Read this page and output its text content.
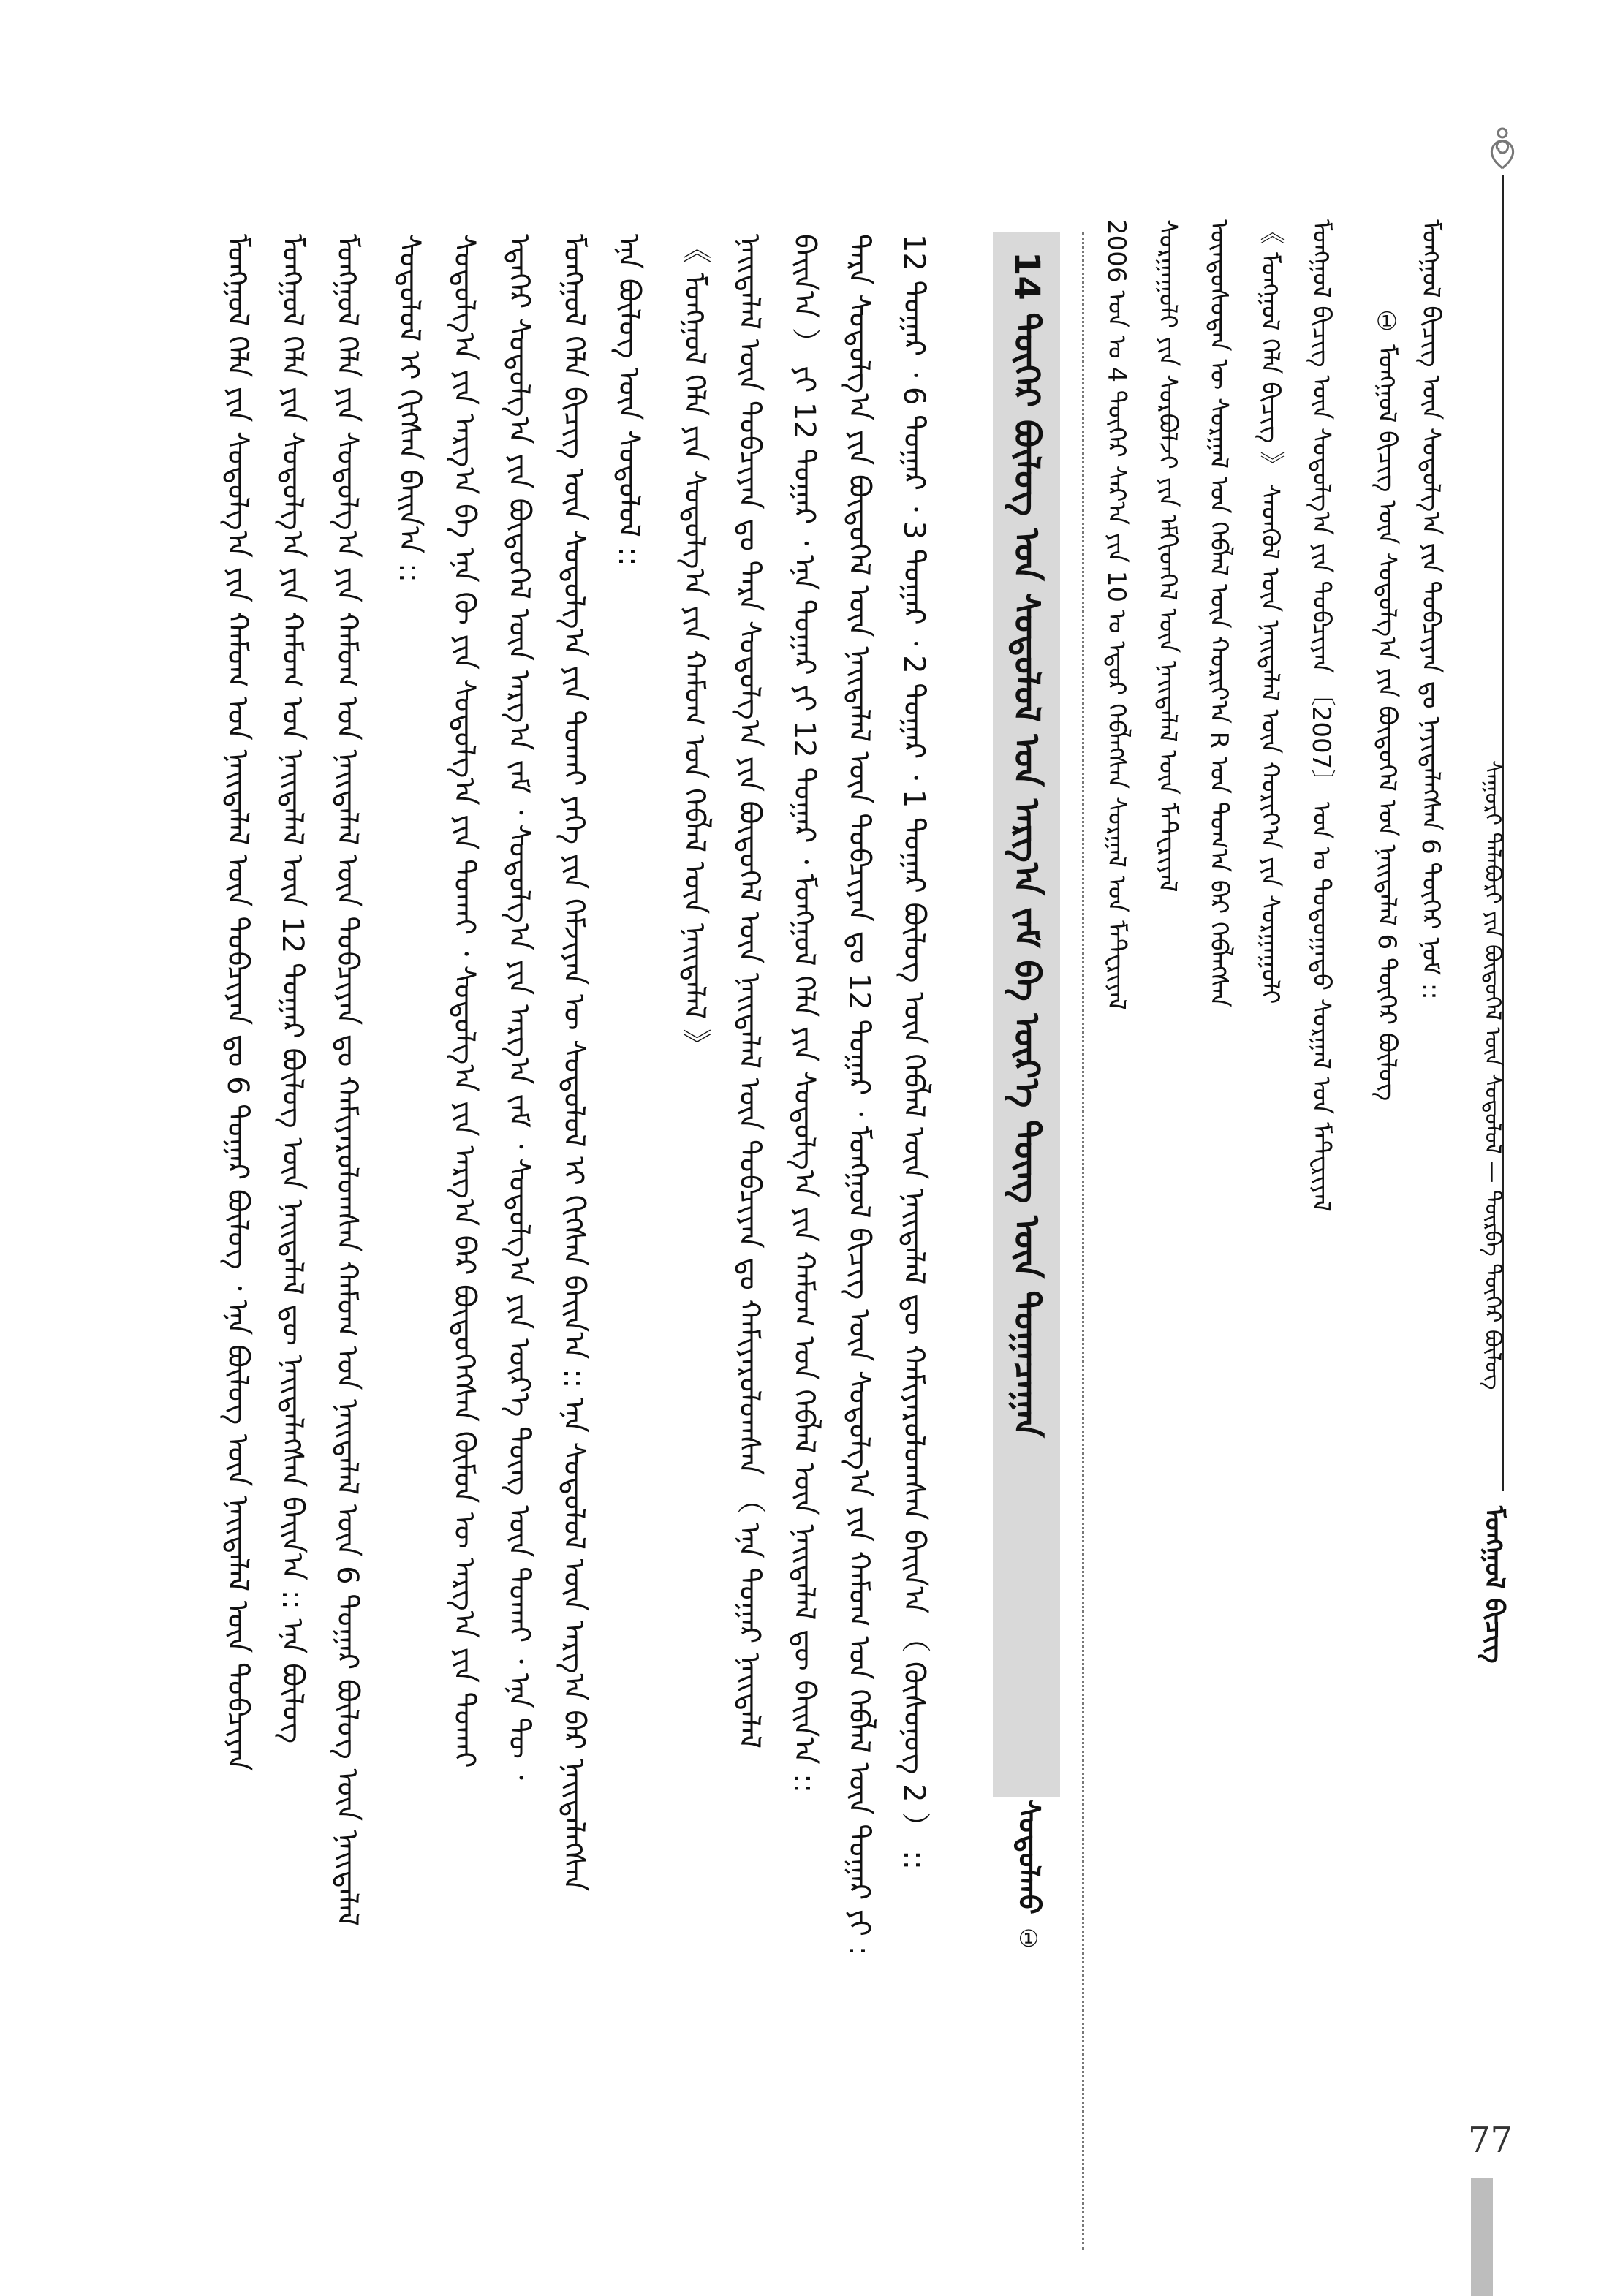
ᠰᠠᠭᠤᠷᠢ ᠲᠠᠯᠠᠪᠤᠷᠢ ᠶᠢᠨ ᠪᠦᠲᠦᠭᠡᠯ ᠦᠨ ᠰᠣᠳᠤᠯᠤᠯ — ᠳᠥᠷᠪᠡ ᠳᠦᠭᠡᠷ ᠪᠦᠯᠦᠭ
ᠮᠣᠩᠭᠣᠯ ᠪᠢᠴᠢᠭ
ᠮᠣᠩᠭᠣᠯ ᠪᠢᠴᠢᠭ ᠦᠨ ᠰᠤᠳᠤᠯᠭ᠎ᠠ ᠶᠢᠨ ᠲᠣᠪᠴᠢᠶᠠᠨ ᠳᠤ ᠨᠡᠶᠢᠲᠡᠯᠡᠭᠰᠡᠨ 6 ᠳᠦᠭᠡᠷ ᠨᠣᠮ ::
① ᠮᠣᠩᠭᠣᠯ ᠪᠢᠴᠢᠭ ᠦᠨ ᠰᠤᠳᠤᠯᠭ᠎ᠠ ᠶᠢᠨ ᠪᠦᠲᠦᠭᠡᠯ ᠤᠨ ᠨᠡᠢᠲᠡᠯᠡᠯ 6 ᠳᠦᠭᠡᠷ ᠪᠦᠯᠦᠭ
ᠮᠣᠩᠭᠣᠯ ᠪᠢᠴᠢᠭ ᠦᠨ ᠰᠤᠳᠤᠯᠭ᠎ᠠ ᠶᠢᠨ ᠲᠣᠪᠴᠢᠶᠠᠨ 〔2007〕 ᠣᠨ ᠤ ᠳᠣᠲᠣᠭᠠᠳᠤ ᠰᠤᠷᠭᠠᠯ ᠤᠨ ᠮᠠᠲ᠋ᠧᠷᠢᠶᠠᠯ
《 ᠮᠣᠩᠭᠣᠯ ᠬᠡᠯᠡ ᠪᠢᠴᠢᠭ 》 ᠰᠡᠳᠬᠦᠯ ᠦᠨ ᠨᠡᠢᠲᠡᠯᠡᠯ ᠦᠨ ᠬᠣᠷᠢᠶ᠎ᠠ ᠶᠢᠨ ᠰᠤᠷᠭᠠᠭᠤᠯᠢ
ᠦᠨᠳᠦᠰᠦᠲᠡᠨ ᠦ ᠰᠤᠷᠭᠠᠯ ᠤᠨ ᠬᠡᠪᠯᠡᠯ ᠦᠨ ᠬᠣᠷᠢᠶ᠎ᠠ R ᠤᠨ ᠲᠣᠭ᠎ᠠ ᠪᠠᠷ ᠬᠡᠪᠯᠡᠭᠰᠡᠨ
ᠰᠤᠷᠭᠠᠭᠤᠯᠢ ᠶᠢᠨ ᠰᠤᠷᠪᠤᠯᠵᠢ ᠶᠢᠨ ᠡᠮᠬᠢᠳᠬᠡᠯ ᠦᠨ ᠨᠡᠢᠲᠡᠯᠡᠯ ᠦᠨ ᠮᠠᠲ᠋ᠧᠷᠢᠶᠠᠯ
2006 ᠣᠨ ᠤ 4 ᠳᠦᠭᠡᠷ ᠰᠠᠷ᠎ᠠ ᠶᠢᠨ 10 ᠤ ᠡᠳᠦᠷ ᠬᠡᠪᠯᠡᠭᠰᠡᠨ ᠰᠤᠷᠭᠠᠯ ᠤᠨ ᠮᠠᠲ᠋ᠧᠷᠢᠶᠠᠯ
14 ᠳᠦᠭᠡᠷ ᠪᠦᠯᠦᠭ ᠤᠨ ᠰᠣᠳᠤᠯᠤᠯ ᠤᠨ ᠠᠷᠭ᠎ᠠ ᠵᠠᠮ ᠪᠠ ᠦᠷ᠎ᠡ ᠳᠦᠩ ᠦᠨ ᠲᠣᠭᠠᠴᠠᠭᠠᠨ
ᠰᠤᠳᠤᠯᠬᠤ ①
12 ᠳᠤᠭᠠᠷ ᠂ 6 ᠳᠤᠭᠠᠷ ᠂ 3 ᠳᠤᠭᠠᠷ ᠂ 2 ᠳᠤᠭᠠᠷ ᠂ 1 ᠳᠤᠭᠠᠷ ᠪᠦᠯᠦᠭ ᠦᠨ ᠬᠡᠪᠯᠡᠯ ᠦᠨ ᠨᠡᠢᠲᠡᠯᠡᠯ ᠳᠦ ᠬᠠᠮᠢᠶᠠᠷᠤᠯᠤᠭᠰᠠᠨ ᠪᠠᠢᠨ᠎ᠠ （ ᠬᠦᠰᠦᠨᠦᠭ 2 ） ::
ᠲᠡᠷᠡ ᠰᠤᠳᠤᠯᠭ᠎ᠠ ᠶᠢᠨ ᠪᠦᠲᠦᠭᠡᠯ ᠦᠨ ᠨᠡᠢᠲᠡᠯᠡᠯ ᠦᠨ ᠲᠣᠪᠴᠢᠶᠠᠨ ᠳᠤ 12 ᠳᠤᠭᠠᠷ ᠂ ᠮᠣᠩᠭᠣᠯ ᠪᠢᠴᠢᠭ ᠦᠨ ᠰᠤᠳᠤᠯᠭ᠎ᠠ ᠶᠢᠨ ᠬᠠᠮᠤᠭ ᠤᠨ ᠬᠡᠪᠯᠡᠯ ᠦᠨ ᠳᠤᠭᠠᠷ ᠶᠢ :
ᠪᠠᠢᠨ᠎ᠠ ） ᠶᠢ 12 ᠳᠤᠭᠠᠷ ᠂ ᠡᠨᠡ ᠳᠤᠭᠠᠷ ᠶᠢ 12 ᠳᠤᠭᠠᠷ ᠂ ᠮᠣᠩᠭᠣᠯ ᠬᠡᠯᠡ ᠶᠢᠨ ᠰᠤᠳᠤᠯᠭ᠎ᠠ ᠶᠢᠨ ᠬᠠᠮᠤᠭ ᠤᠨ ᠬᠡᠪᠯᠡᠯ ᠦᠨ ᠨᠡᠢᠲᠡᠯᠡᠯ ᠳᠦ ᠪᠠᠢᠨ᠎ᠠ ::
ᠨᠡᠢᠲᠡᠯᠡᠯ ᠦᠨ ᠲᠣᠪᠴᠢᠶᠠᠨ ᠳᠤ ᠲᠡᠷᠡ ᠰᠤᠳᠤᠯᠭ᠎ᠠ ᠶᠢᠨ ᠪᠦᠲᠦᠭᠡᠯ ᠦᠨ ᠨᠡᠢᠲᠡᠯᠡᠯ ᠦᠨ ᠲᠣᠪᠴᠢᠶᠠᠨ ᠳᠤ ᠬᠠᠮᠢᠶᠠᠷᠤᠯᠤᠭᠰᠠᠨ （ ᠡᠨᠡ ᠳᠤᠭᠠᠷ ᠨᠡᠢᠲᠡᠯᠡᠯ
《 ᠮᠣᠩᠭᠣᠯ ᠬᠡᠯᠡ ᠶᠢᠨ ᠰᠤᠳᠤᠯᠭ᠎ᠠ ᠶᠢᠨ ᠬᠠᠮᠤᠭ ᠤᠨ ᠬᠡᠪᠯᠡᠯ ᠦᠨ ᠨᠡᠢᠲᠡᠯᠡᠯ 》
ᠡᠨᠡ ᠪᠦᠯᠦᠭ ᠦᠨ ᠰᠤᠳᠤᠯᠤᠯ ::
ᠮᠣᠩᠭᠣᠯ ᠬᠡᠯᠡ ᠪᠢᠴᠢᠭ ᠦᠨ ᠰᠤᠳᠤᠯᠭ᠎ᠠ ᠶᠢᠨ ᠲᠤᠬᠠᠢ ᠶᠡᠬᠡ ᠶᠢᠨ ᠬᠡᠮᠵᠢᠶᠡᠨ ᠦ ᠰᠤᠳᠤᠯᠤᠯ ᠢ ᠬᠢᠭᠰᠡᠨ ᠪᠠᠢᠨ᠎ᠠ :: ᠡᠨᠡ ᠰᠤᠳᠤᠯᠤᠯ ᠦᠨ ᠠᠷᠭ᠎ᠠ ᠪᠠᠷ ᠨᠡᠢᠲᠡᠯᠡᠭᠰᠡᠨ
ᠡᠳᠡᠭᠡᠷ ᠰᠤᠳᠤᠯᠭ᠎ᠠ ᠶᠢᠨ ᠪᠦᠲᠦᠭᠡᠯ ᠦᠨ ᠠᠷᠭ᠎ᠠ ᠵᠠᠮ ᠂ ᠰᠤᠳᠤᠯᠭ᠎ᠠ ᠶᠢᠨ ᠠᠷᠭ᠎ᠠ ᠵᠠᠮ ᠂ ᠰᠤᠳᠤᠯᠭ᠎ᠠ ᠶᠢᠨ ᠦᠷ᠎ᠡ ᠳᠦᠩ ᠦᠨ ᠲᠤᠬᠠᠢ ᠂ ᠡᠨᠡ ᠲᠦ ᠂
ᠰᠤᠳᠤᠯᠭ᠎ᠠ ᠶᠢᠨ ᠠᠷᠭ᠎ᠠ ᠪᠠ ᠡᠨᠡ ᠬᠦ ᠶᠢᠨ ᠰᠤᠳᠤᠯᠭ᠎ᠠ ᠶᠢᠨ ᠲᠤᠬᠠᠢ ᠂ ᠰᠤᠳᠤᠯᠭ᠎ᠠ ᠶᠢᠨ ᠠᠷᠭ᠎ᠠ ᠪᠠᠷ ᠪᠦᠲᠦᠭᠡᠭᠰᠡᠨ ᠬᠦᠮᠦᠨ ᠦ ᠠᠷᠭ᠎ᠠ ᠶᠢᠨ ᠲᠤᠬᠠᠢ
ᠰᠤᠳᠤᠯᠤᠯ ᠢ ᠬᠢᠭᠰᠡᠨ ᠪᠠᠢᠨ᠎ᠠ ::
ᠮᠣᠩᠭᠣᠯ ᠬᠡᠯᠡ ᠶᠢᠨ ᠰᠤᠳᠤᠯᠭ᠎ᠠ ᠶᠢᠨ ᠬᠠᠮᠤᠭ ᠤᠨ ᠨᠡᠢᠲᠡᠯᠡᠯ ᠦᠨ ᠲᠣᠪᠴᠢᠶᠠᠨ ᠳᠤ ᠬᠠᠮᠢᠶᠠᠷᠤᠯᠤᠭᠰᠠᠨ ᠬᠠᠮᠤᠭ ᠤᠨ ᠨᠡᠢᠲᠡᠯᠡᠯ ᠦᠨ 6 ᠳᠤᠭᠠᠷ ᠪᠦᠯᠦᠭ ᠦᠨ ᠨᠡᠢᠲᠡᠯᠡᠯ
ᠮᠣᠩᠭᠣᠯ ᠬᠡᠯᠡ ᠶᠢᠨ ᠰᠤᠳᠤᠯᠭ᠎ᠠ ᠶᠢᠨ ᠬᠠᠮᠤᠭ ᠤᠨ ᠨᠡᠢᠲᠡᠯᠡᠯ ᠦᠨ 12 ᠳᠤᠭᠠᠷ ᠪᠦᠯᠦᠭ ᠦᠨ ᠨᠡᠢᠲᠡᠯᠡᠯ ᠳᠦ ᠨᠡᠢᠲᠡᠯᠡᠭᠰᠡᠨ ᠪᠠᠢᠨ᠎ᠠ :: ᠡᠨᠡ ᠪᠦᠯᠦᠭ
ᠮᠣᠩᠭᠣᠯ ᠬᠡᠯᠡ ᠶᠢᠨ ᠰᠤᠳᠤᠯᠭ᠎ᠠ ᠶᠢᠨ ᠬᠠᠮᠤᠭ ᠤᠨ ᠨᠡᠢᠲᠡᠯᠡᠯ ᠦᠨ ᠲᠣᠪᠴᠢᠶᠠᠨ ᠳᠤ 6 ᠳᠤᠭᠠᠷ ᠪᠦᠯᠦᠭ ᠂ ᠡᠨᠡ ᠪᠦᠯᠦᠭ ᠦᠨ ᠨᠡᠢᠲᠡᠯᠡᠯ ᠦᠨ ᠲᠣᠪᠴᠢᠶᠠᠨ
77
